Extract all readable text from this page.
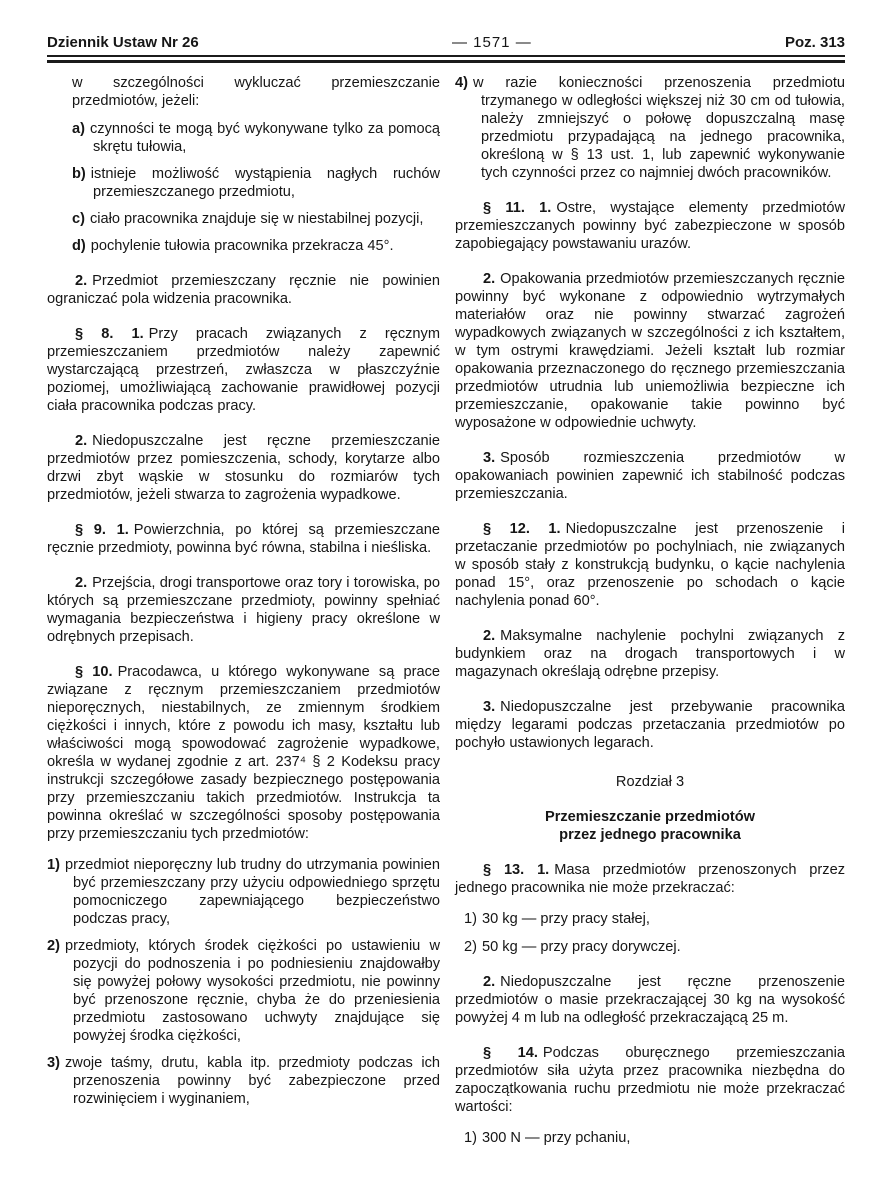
Dziennik Ustaw Nr 26	— 1571 —	Poz. 313

w szczególności wykluczać przemieszczanie przedmiotów, jeżeli:

a) czynności te mogą być wykonywane tylko za pomocą skrętu tułowia,

b) istnieje możliwość wystąpienia nagłych ruchów przemieszczanego przedmiotu,

c) ciało pracownika znajduje się w niestabilnej pozycji,

d) pochylenie tułowia pracownika przekracza 45°.

2. Przedmiot przemieszczany ręcznie nie powinien ograniczać pola widzenia pracownika.

§ 8. 1. Przy pracach związanych z ręcznym przemieszczaniem przedmiotów należy zapewnić wystarczającą przestrzeń, zwłaszcza w płaszczyźnie poziomej, umożliwiającą zachowanie prawidłowej pozycji ciała pracownika podczas pracy.

2. Niedopuszczalne jest ręczne przemieszczanie przedmiotów przez pomieszczenia, schody, korytarze albo drzwi zbyt wąskie w stosunku do rozmiarów tych przedmiotów, jeżeli stwarza to zagrożenia wypadkowe.

§ 9. 1. Powierzchnia, po której są przemieszczane ręcznie przedmioty, powinna być równa, stabilna i nieśliska.

2. Przejścia, drogi transportowe oraz tory i torowiska, po których są przemieszczane przedmioty, powinny spełniać wymagania bezpieczeństwa i higieny pracy określone w odrębnych przepisach.

§ 10. Pracodawca, u którego wykonywane są prace związane z ręcznym przemieszczaniem przedmiotów nieporęcznych, niestabilnych, ze zmiennym środkiem ciężkości i innych, które z powodu ich masy, kształtu lub właściwości mogą spowodować zagrożenie wypadkowe, określa w wydanej zgodnie z art. 237⁴ § 2 Kodeksu pracy instrukcji szczegółowe zasady bezpiecznego postępowania przy przemieszczaniu takich przedmiotów. Instrukcja ta powinna określać w szczególności sposoby postępowania przy przemieszczaniu tych przedmiotów:

1) przedmiot nieporęczny lub trudny do utrzymania powinien być przemieszczany przy użyciu odpowiedniego sprzętu pomocniczego zapewniającego bezpieczeństwo podczas pracy,

2) przedmioty, których środek ciężkości po ustawieniu w pozycji do podnoszenia i po podniesieniu znajdowałby się powyżej połowy wysokości przedmiotu, nie powinny być przenoszone ręcznie, chyba że do przeniesienia przedmiotu zastosowano uchwyty znajdujące się powyżej środka ciężkości,

3) zwoje taśmy, drutu, kabla itp. przedmioty podczas ich przenoszenia powinny być zabezpieczone przed rozwinięciem i wyginaniem,

4) w razie konieczności przenoszenia przedmiotu trzymanego w odległości większej niż 30 cm od tułowia, należy zmniejszyć o połowę dopuszczalną masę przedmiotu przypadającą na jednego pracownika, określoną w § 13 ust. 1, lub zapewnić wykonywanie tych czynności przez co najmniej dwóch pracowników.

§ 11. 1. Ostre, wystające elementy przedmiotów przemieszczanych powinny być zabezpieczone w sposób zapobiegający powstawaniu urazów.

2. Opakowania przedmiotów przemieszczanych ręcznie powinny być wykonane z odpowiednio wytrzymałych materiałów oraz nie powinny stwarzać zagrożeń wypadkowych związanych w szczególności z ich kształtem, w tym ostrymi krawędziami. Jeżeli kształt lub rozmiar opakowania przeznaczonego do ręcznego przemieszczania przedmiotów utrudnia lub uniemożliwia bezpieczne ich przemieszczanie, opakowanie takie powinno być wyposażone w odpowiednie uchwyty.

3. Sposób rozmieszczenia przedmiotów w opakowaniach powinien zapewnić ich stabilność podczas przemieszczania.

§ 12. 1. Niedopuszczalne jest przenoszenie i przetaczanie przedmiotów po pochylniach, nie związanych w sposób stały z konstrukcją budynku, o kącie nachylenia ponad 15°, oraz przenoszenie po schodach o kącie nachylenia ponad 60°.

2. Maksymalne nachylenie pochylni związanych z budynkiem oraz na drogach transportowych i w magazynach określają odrębne przepisy.

3. Niedopuszczalne jest przebywanie pracownika między legarami podczas przetaczania przedmiotów po pochyło ustawionych legarach.

Rozdział 3

Przemieszczanie przedmiotów

przez jednego pracownika

§ 13. 1. Masa przedmiotów przenoszonych przez jednego pracownika nie może przekraczać:

1) 30 kg — przy pracy stałej,

2) 50 kg — przy pracy dorywczej.

2. Niedopuszczalne jest ręczne przenoszenie przedmiotów o masie przekraczającej 30 kg na wysokość powyżej 4 m lub na odległość przekraczającą 25 m.

§ 14. Podczas oburęcznego przemieszczania przedmiotów siła użyta przez pracownika niezbędna do zapoczątkowania ruchu przedmiotu nie może przekraczać wartości:

1) 300 N — przy pchaniu,
